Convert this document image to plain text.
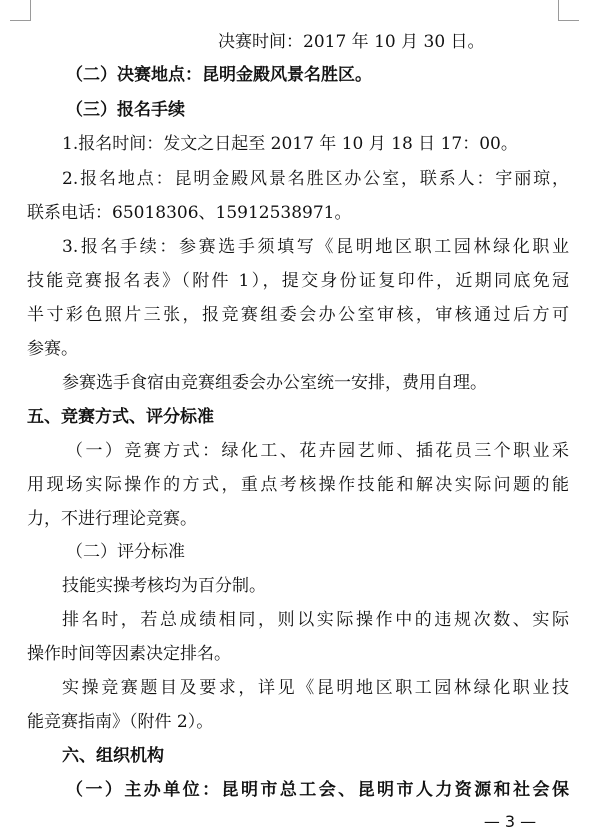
决赛时间：2017 年 10 月 30 日。
（二）决赛地点：昆明金殿风景名胜区。
（三）报名手续
1.报名时间：发文之日起至 2017 年 10 月 18 日 17：00。
2.报名地点：昆明金殿风景名胜区办公室，联系人：宇丽琼，
联系电话：65018306、15912538971。
3.报名手续：参赛选手须填写《昆明地区职工园林绿化职业
技能竞赛报名表》（附件 1），提交身份证复印件，近期同底免冠
半寸彩色照片三张，报竞赛组委会办公室审核，审核通过后方可
参赛。
参赛选手食宿由竞赛组委会办公室统一安排，费用自理。
五、竞赛方式、评分标准
（一）竞赛方式：绿化工、花卉园艺师、插花员三个职业采
用现场实际操作的方式，重点考核操作技能和解决实际问题的能
力，不进行理论竞赛。
（二）评分标准
技能实操考核均为百分制。
排名时，若总成绩相同，则以实际操作中的违规次数、实际
操作时间等因素决定排名。
实操竞赛题目及要求，详见《昆明地区职工园林绿化职业技
能竞赛指南》（附件 2）。
六、组织机构
（一）主办单位：昆明市总工会、昆明市人力资源和社会保
— 3 —
